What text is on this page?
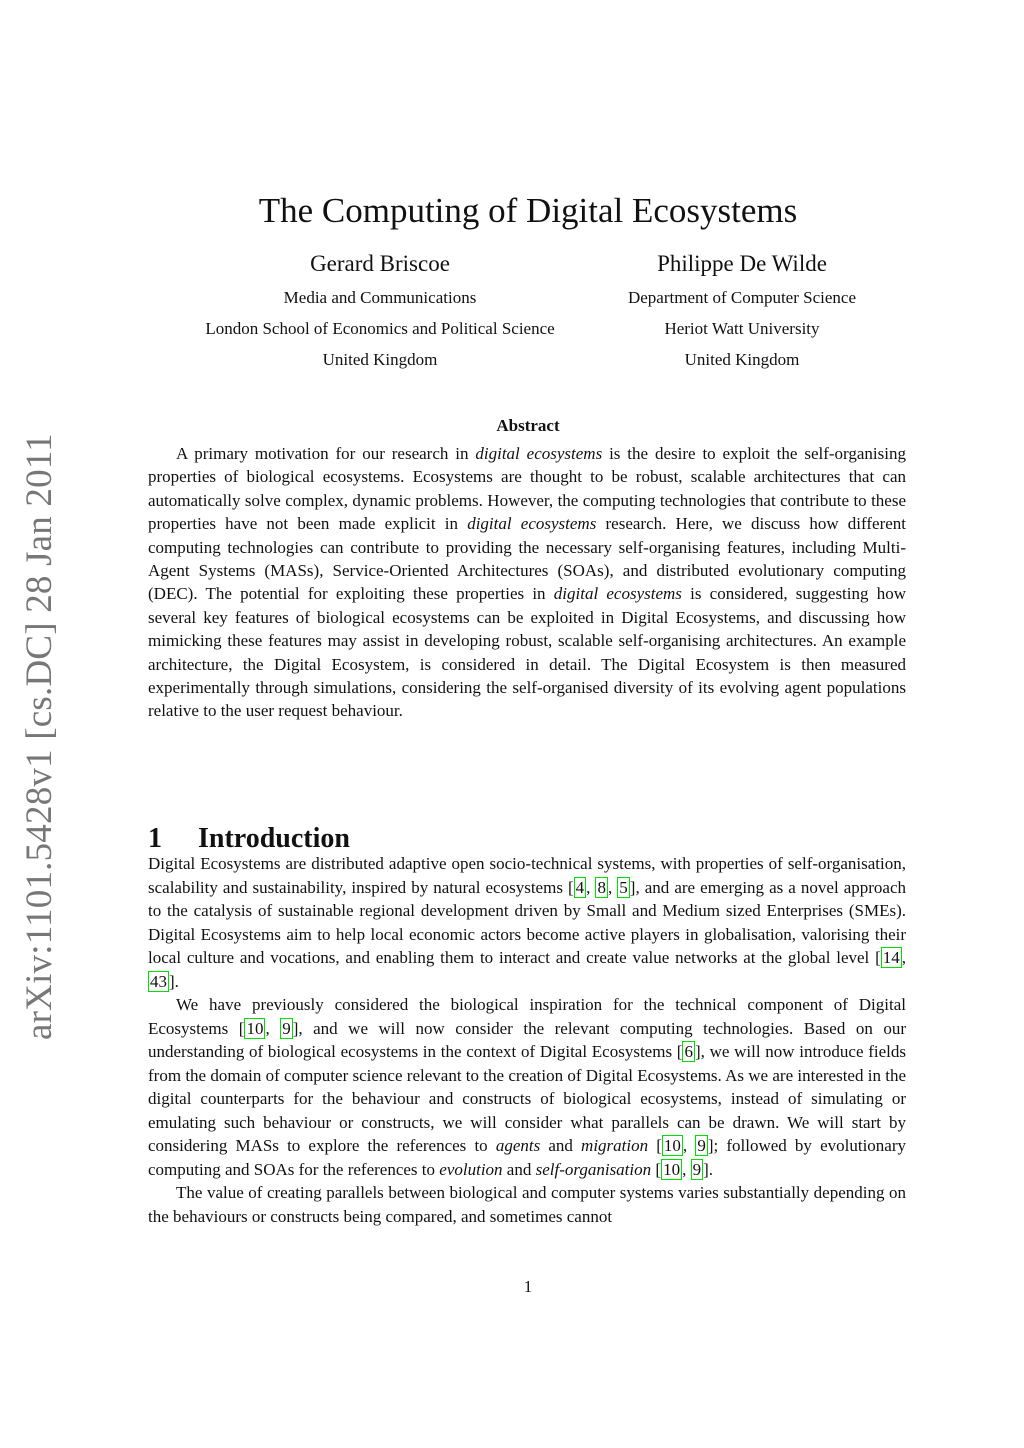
arXiv:1101.5428v1 [cs.DC] 28 Jan 2011
The Computing of Digital Ecosystems
Gerard Briscoe
Media and Communications
London School of Economics and Political Science
United Kingdom
Philippe De Wilde
Department of Computer Science
Heriot Watt University
United Kingdom
Abstract
A primary motivation for our research in digital ecosystems is the desire to exploit the self-organising properties of biological ecosystems. Ecosystems are thought to be robust, scalable architectures that can automatically solve complex, dynamic problems. However, the computing technologies that contribute to these properties have not been made explicit in digital ecosystems research. Here, we discuss how different computing technologies can contribute to providing the necessary self-organising features, including Multi-Agent Systems (MASs), Service-Oriented Architectures (SOAs), and distributed evolutionary computing (DEC). The potential for exploiting these properties in digital ecosystems is considered, suggesting how several key features of biological ecosystems can be exploited in Digital Ecosystems, and discussing how mimicking these features may assist in developing robust, scalable self-organising architectures. An example architecture, the Digital Ecosystem, is considered in detail. The Digital Ecosystem is then measured experimentally through simulations, considering the self-organised diversity of its evolving agent populations relative to the user request behaviour.
1 Introduction

Digital Ecosystems are distributed adaptive open socio-technical systems, with properties of self-organisation, scalability and sustainability, inspired by natural ecosystems [ 4 , 8 , 5 ], and are emerging as a novel approach to the catalysis of sustainable regional development driven by Small and Medium sized Enterprises (SMEs). Digital Ecosystems aim to help local economic actors become active players in globalisation, valorising their local culture and vocations, and enabling them to interact and create value networks at the global level [ 14 , 43 ].

We have previously considered the biological inspiration for the technical component of Digital Ecosystems [ 10 , 9 ], and we will now consider the relevant computing technologies. Based on our understanding of biological ecosystems in the context of Digital Ecosystems [ 6 ], we will now introduce fields from the domain of computer science relevant to the creation of Digital Ecosystems. As we are interested in the digital counterparts for the behaviour and constructs of biological ecosystems, instead of simulating or emulating such behaviour or constructs, we will consider what parallels can be drawn. We will start by considering MASs to explore the references to agents and migration [ 10 , 9 ]; followed by evolutionary computing and SOAs for the references to evolution and self-organisation [ 10 , 9 ].

The value of creating parallels between biological and computer systems varies substantially depending on the behaviours or constructs being compared, and sometimes cannot

1
